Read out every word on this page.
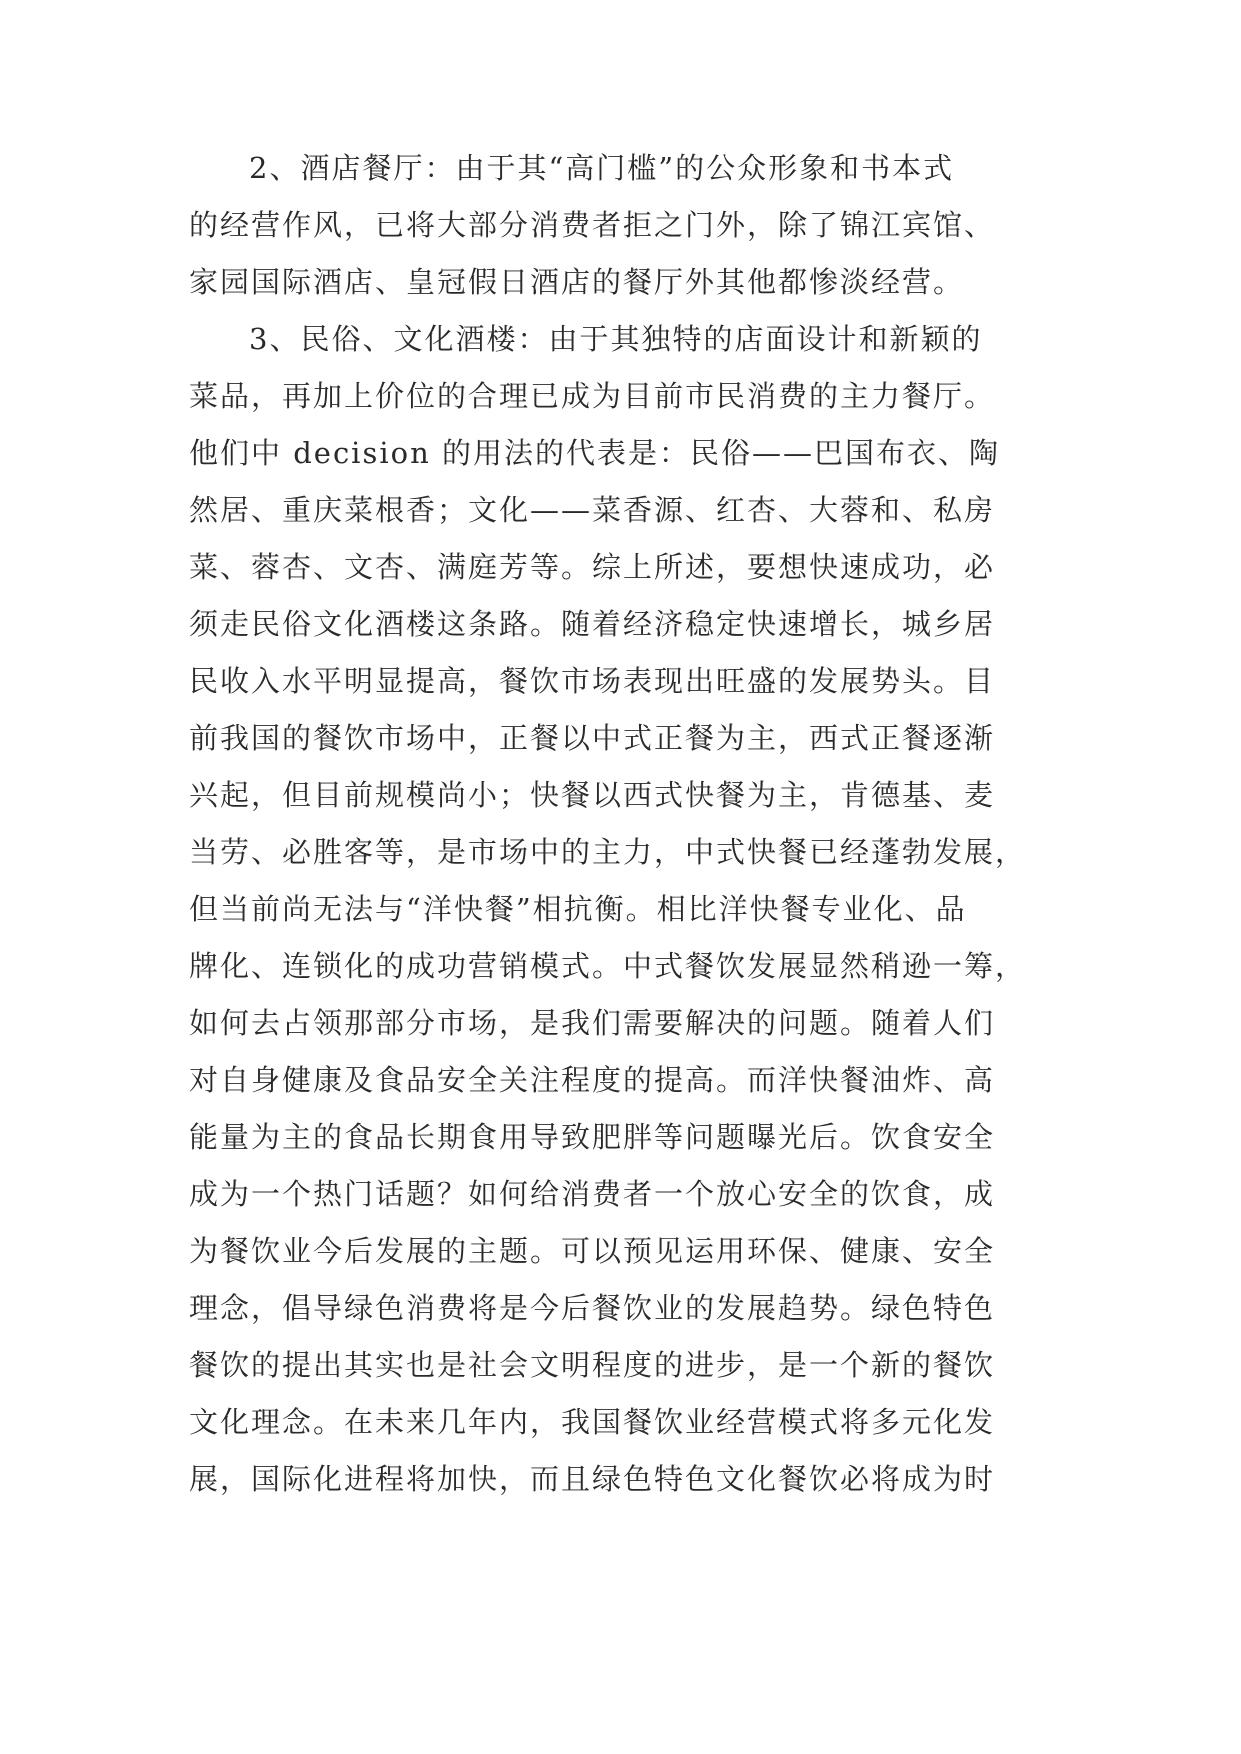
2、酒店餐厅：由于其“高门槛”的公众形象和书本式
的经营作风，已将大部分消费者拒之门外，除了锦江宾馆、
家园国际酒店、皇冠假日酒店的餐厅外其他都惨淡经营。
3、民俗、文化酒楼：由于其独特的店面设计和新颖的
菜品，再加上价位的合理已成为目前市民消费的主力餐厅。
他们中 decision 的用法的代表是：民俗——巴国布衣、陶
然居、重庆菜根香；文化——菜香源、红杏、大蓉和、私房
菜、蓉杏、文杏、满庭芳等。综上所述，要想快速成功，必
须走民俗文化酒楼这条路。随着经济稳定快速增长，城乡居
民收入水平明显提高，餐饮市场表现出旺盛的发展势头。目
前我国的餐饮市场中，正餐以中式正餐为主，西式正餐逐渐
兴起，但目前规模尚小；快餐以西式快餐为主，肯德基、麦
当劳、必胜客等，是市场中的主力，中式快餐已经蓬勃发展，
但当前尚无法与“洋快餐”相抗衡。相比洋快餐专业化、品
牌化、连锁化的成功营销模式。中式餐饮发展显然稍逊一筹，
如何去占领那部分市场，是我们需要解决的问题。随着人们
对自身健康及食品安全关注程度的提高。而洋快餐油炸、高
能量为主的食品长期食用导致肥胖等问题曝光后。饮食安全
成为一个热门话题？如何给消费者一个放心安全的饮食，成
为餐饮业今后发展的主题。可以预见运用环保、健康、安全
理念，倡导绿色消费将是今后餐饮业的发展趋势。绿色特色
餐饮的提出其实也是社会文明程度的进步，是一个新的餐饮
文化理念。在未来几年内，我国餐饮业经营模式将多元化发
展，国际化进程将加快，而且绿色特色文化餐饮必将成为时
